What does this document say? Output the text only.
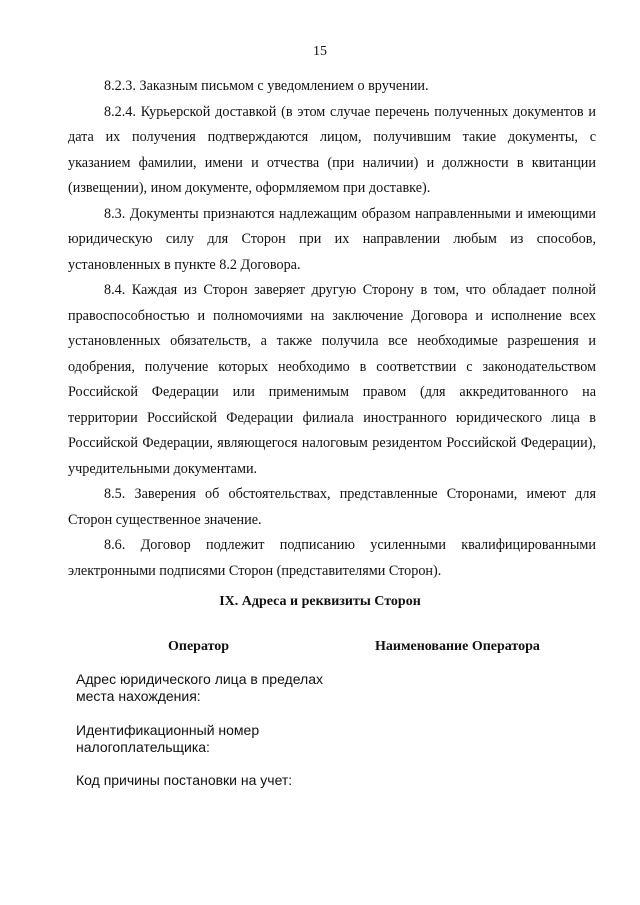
15

8.2.3. Заказным письмом с уведомлением о вручении.

8.2.4. Курьерской доставкой (в этом случае перечень полученных документов и дата их получения подтверждаются лицом, получившим такие документы, с указанием фамилии, имени и отчества (при наличии) и должности в квитанции (извещении), ином документе, оформляемом при доставке).

8.3. Документы признаются надлежащим образом направленными и имеющими юридическую силу для Сторон при их направлении любым из способов, установленных в пункте 8.2 Договора.

8.4. Каждая из Сторон заверяет другую Сторону в том, что обладает полной правоспособностью и полномочиями на заключение Договора и исполнение всех установленных обязательств, а также получила все необходимые разрешения и одобрения, получение которых необходимо в соответствии с законодательством Российской Федерации или применимым правом (для аккредитованного на территории Российской Федерации филиала иностранного юридического лица в Российской Федерации, являющегося налоговым резидентом Российской Федерации), учредительными документами.

8.5. Заверения об обстоятельствах, представленные Сторонами, имеют для Сторон существенное значение.

8.6. Договор подлежит подписанию усиленными квалифицированными электронными подписями Сторон (представителями Сторон).

IX. Адреса и реквизиты Сторон
Оператор	Наименование Оператора
Адрес юридического лица в пределах места нахождения:
Идентификационный номер налогоплательщика:
Код причины постановки на учет:
